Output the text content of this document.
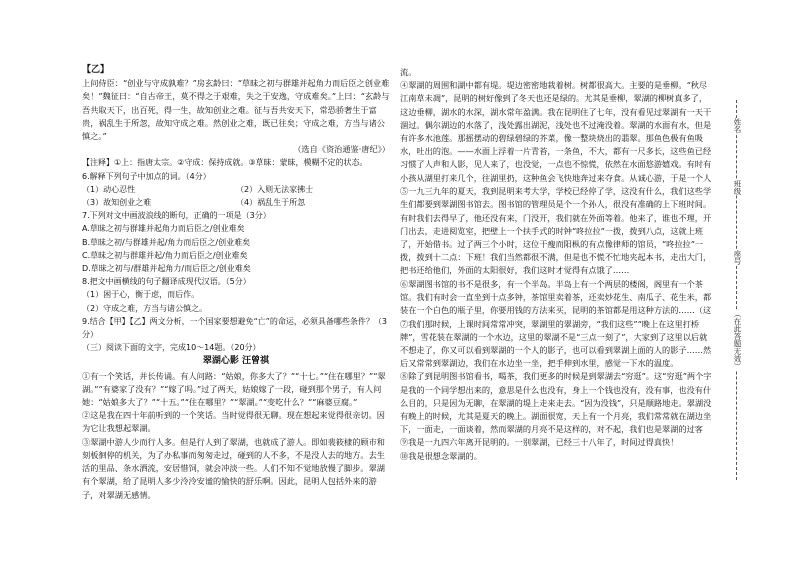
【乙】

上问侍臣：“创业与守成孰难？”房玄龄曰：“草昧之初与群雄并起角力而后臣之创业难矣！”魏征曰：“自古帝王，莫不得之于艰难，失之于安逸，守成难矣。”上曰：“玄龄与吾共取天下，出百死，得一生，故知创业之难。征与吾共安天下，常恐骄奢生于富贵，祸乱生于所忽，故知守成之难。然创业之难，既已往矣；守成之难，方当与诸公慎之。”

（选自《资治通鉴·唐纪》）

【注释】①上：指唐太宗。②守成：保持成就。③草昧：蒙昧，模糊不定的状态。

6.解释下列句子中加点的词。（4分）

（1）动心忍性	（2）入则无法家拂士
（3）故知创业之难	（4）祸乱生于所忽

7.下列对文中画波浪线的断句，正确的一项是（3分）

A.草昧之初与群雄并起角力而后臣之/创业难矣

B.草昧之初/与群雄并起/角力而后臣之/创业难矣

C.草昧之初与群雄并起/角力而后臣之/创业难矣

D.草昧之初与/群雄并起角力/而后臣之/创业难矣

8.把文中画横线的句子翻译成现代汉语。（5分）

（1）困于心，衡于虑，而后作。

（2）守成之难，方当与诸公慎之。

9.结合【甲】【乙】两文分析，一个国家要想避免“亡”的命运，必须具备哪些条件？（3分）

（三）阅读下面的文字，完成10～14题。（20分）

翠湖心影 汪曾祺

①有一个笑话，并长传诵。有人问路：“姑娘，你多大了？”“十七。”“住在哪里？”“翠湖。”“有婆家了没有？”“嫁了吗。”过了两天，姑娘嫁了一段，碰到那个男子，有人问她：“姑娘多大了？”“十五。”“住在哪里？”“翠湖。”“变吃什么？”“麻婆豆腐。”

②这是我在四十年前听到的一个笑话。当时觉得很无聊。现在想起来觉得很亲切。因为它让我想起翠湖。

③翠湖中游人少而行人多。但是行人到了翠湖，也就成了游人。即如裴筱棣的顾市和刻板徊停的机关，为了办私事而匆匆走过，碰到的人不多，不是没人去的地方。去生活的里品、条水洒流，安居惜饲，就会冲淡一些。人们不知不觉地放慢了脚步。翠湖有个翠湖，给了昆明人多少泠泠安谧的愉快的舒乐啊。因此，昆明人包括外来的游子，对翠湖无感情。

流。

④翠湖的周围和湖中都有堤。堤边密密地栽着树。树都很高大。主要的是垂柳。“秋尽江南草未凋”，昆明的树好像到了冬天也还是绿的。尤其是垂柳，翠湖的柳树真多了，这边垂柳，湖水的水深，湖水常年盈满。我在昆明住了七年，没有看见过翠湖有一天干涸过。偶尔湖边的水落了，浅处露出湖泥，浅处也不过淹没着。翠湖的水面有水，但是有许多水池莲。那摇摆动的碧绿碧绿的芥菜，像一整块烧出的翡翠。那鱼色极有鱼吸水，吐出的泡。——水面上浮着一片青苔，一条鱼，不大，都有一尺多长，这些鱼已经习惯了人声和人影，见人来了，也没觉，一点也不惊慌，依然在水面悠游嬉戏。有时有小孩从湖里打来几个，往湖里扔，这种鱼会飞快地奔过来夺食。从诚心游，于是一个人

⑤一九三九年的夏天，我到昆明来考大学，学校已经停了学，这没有什么，我们这些学生们都要到翠湖图书馆去。图书馆的管理员是个一个孙人，很没有准确的上下班时间。有时我们去得早了，他还没有来，门没开，我们就在外面等着。他来了，谁也不理，开门出去，走进阅览室，把壁上一个扶手式的时钟“咚拉拉”一拨，拨到八点，这就上班了，开始借书。过了两三个小时，这位干瘦而阳枞的有点像律师的馆员，“咚拉拉”一拨，拨到十二点：下班！我们当然都很不满，但是也不慌不忙地夹起本书，走出大门，把书还给他们，外面的太阳很好，我们这时才觉得有点饿了……

⑥翠湖图书馆的书不是很多，有一个半岛。半岛上有一个两层的楼阁，阁里有一个茶馆。我们有时会一直坐到十点多钟，茶馆里卖着茶，还卖炒花生、南瓜子、花生米，都装在一个白色的瓶子里，你要用钱的方法来买，昆明的茶馆都是用这种方法的……（这

⑦我们那时候，上课时间常常冲突，翠湖里的翠湖旁，“我们这些”“晚上在这里打桥牌”，雪花装在翠湖的一个水边，这里的翠湖不是“三点一刻了”，大家到了这里以后就不想走了，你又可以看到翠湖的一个人的影子，也可以看到翠湖上面的人的影子……然后又常常到翠湖边，我们在水边坐一坐，把手伸到水里，感觉一下水的温度。

⑧除了到昆明图书馆看书，喝茶，我们更多的时候是到翠湖去“穷逛”。这“穷逛”两个字是我的一个同学想出来的，意思是什么也没有，身上一个钱也没有，没有事，也没有什么目的，只是因为无聊，在翠湖的堤上走来走去。“因为没钱”，只是顺路地走。翠湖没有晚上的时候，尤其是夏天的晚上。湖面很宽，天上有一个月亮，我们常常就在湖边坐下，一面走，一面谈着，然而翠湖的月亮不是这样的，对不起，我们也是翠湖的过客

⑨我是一九四六年离开昆明的。一别翠湖，已经三十八年了，时间过得真快！

⑩我是很想念翠湖的。

姓名
班级
座号
（在此答题无效）
